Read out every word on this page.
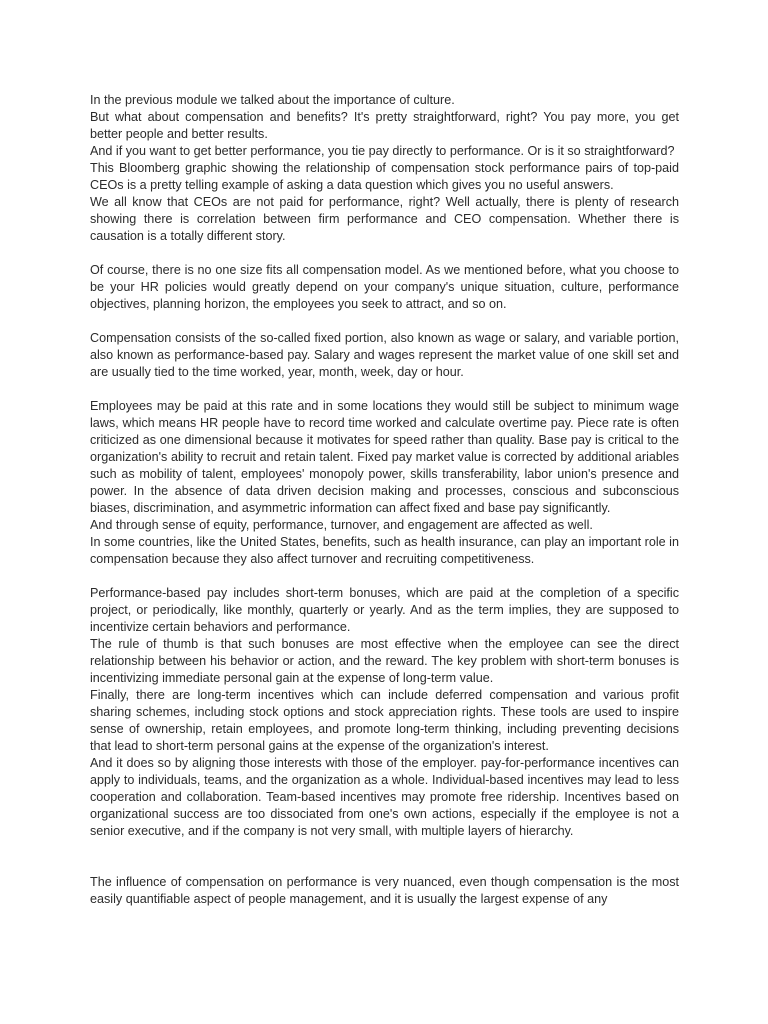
In the previous module we talked about the importance of culture.

But what about compensation and benefits? It's pretty straightforward, right? You pay more, you get better people and better results.

And if you want to get better performance, you tie pay directly to performance. Or is it so straightforward?

This Bloomberg graphic showing the relationship of compensation stock performance pairs of top-paid CEOs is a pretty telling example of asking a data question which gives you no useful answers.

We all know that CEOs are not paid for performance, right? Well actually, there is plenty of research showing there is correlation between firm performance and CEO compensation. Whether there is causation is a totally different story.

Of course, there is no one size fits all compensation model. As we mentioned before, what you choose to be your HR policies would greatly depend on your company's unique situation, culture, performance objectives, planning horizon, the employees you seek to attract, and so on.

Compensation consists of the so-called fixed portion, also known as wage or salary, and variable portion, also known as performance-based pay. Salary and wages represent the market value of one skill set and are usually tied to the time worked, year, month, week, day or hour.

Employees may be paid at this rate and in some locations they would still be subject to minimum wage laws, which means HR people have to record time worked and calculate overtime pay. Piece rate is often criticized as one dimensional because it motivates for speed rather than quality. Base pay is critical to the organization's ability to recruit and retain talent. Fixed pay market value is corrected by additional ariables such as mobility of talent, employees' monopoly power, skills transferability, labor union's presence and power. In the absence of data driven decision making and processes, conscious and subconscious biases, discrimination, and asymmetric information can affect fixed and base pay significantly.

And through sense of equity, performance, turnover, and engagement are affected as well.

In some countries, like the United States, benefits, such as health insurance, can play an important role in compensation because they also affect turnover and recruiting competitiveness.

Performance-based pay includes short-term bonuses, which are paid at the completion of a specific project, or periodically, like monthly, quarterly or yearly. And as the term implies, they are supposed to incentivize certain behaviors and performance.

The rule of thumb is that such bonuses are most effective when the employee can see the direct relationship between his behavior or action, and the reward. The key problem with short-term bonuses is incentivizing immediate personal gain at the expense of long-term value.

Finally, there are long-term incentives which can include deferred compensation and various profit sharing schemes, including stock options and stock appreciation rights. These tools are used to inspire sense of ownership, retain employees, and promote long-term thinking, including preventing decisions that lead to short-term personal gains at the expense of the organization's interest.

And it does so by aligning those interests with those of the employer. pay-for-performance incentives can apply to individuals, teams, and the organization as a whole. Individual-based incentives may lead to less cooperation and collaboration. Team-based incentives may promote free ridership. Incentives based on organizational success are too dissociated from one's own actions, especially if the employee is not a senior executive, and if the company is not very small, with multiple layers of hierarchy.

The influence of compensation on performance is very nuanced, even though compensation is the most easily quantifiable aspect of people management, and it is usually the largest expense of any
